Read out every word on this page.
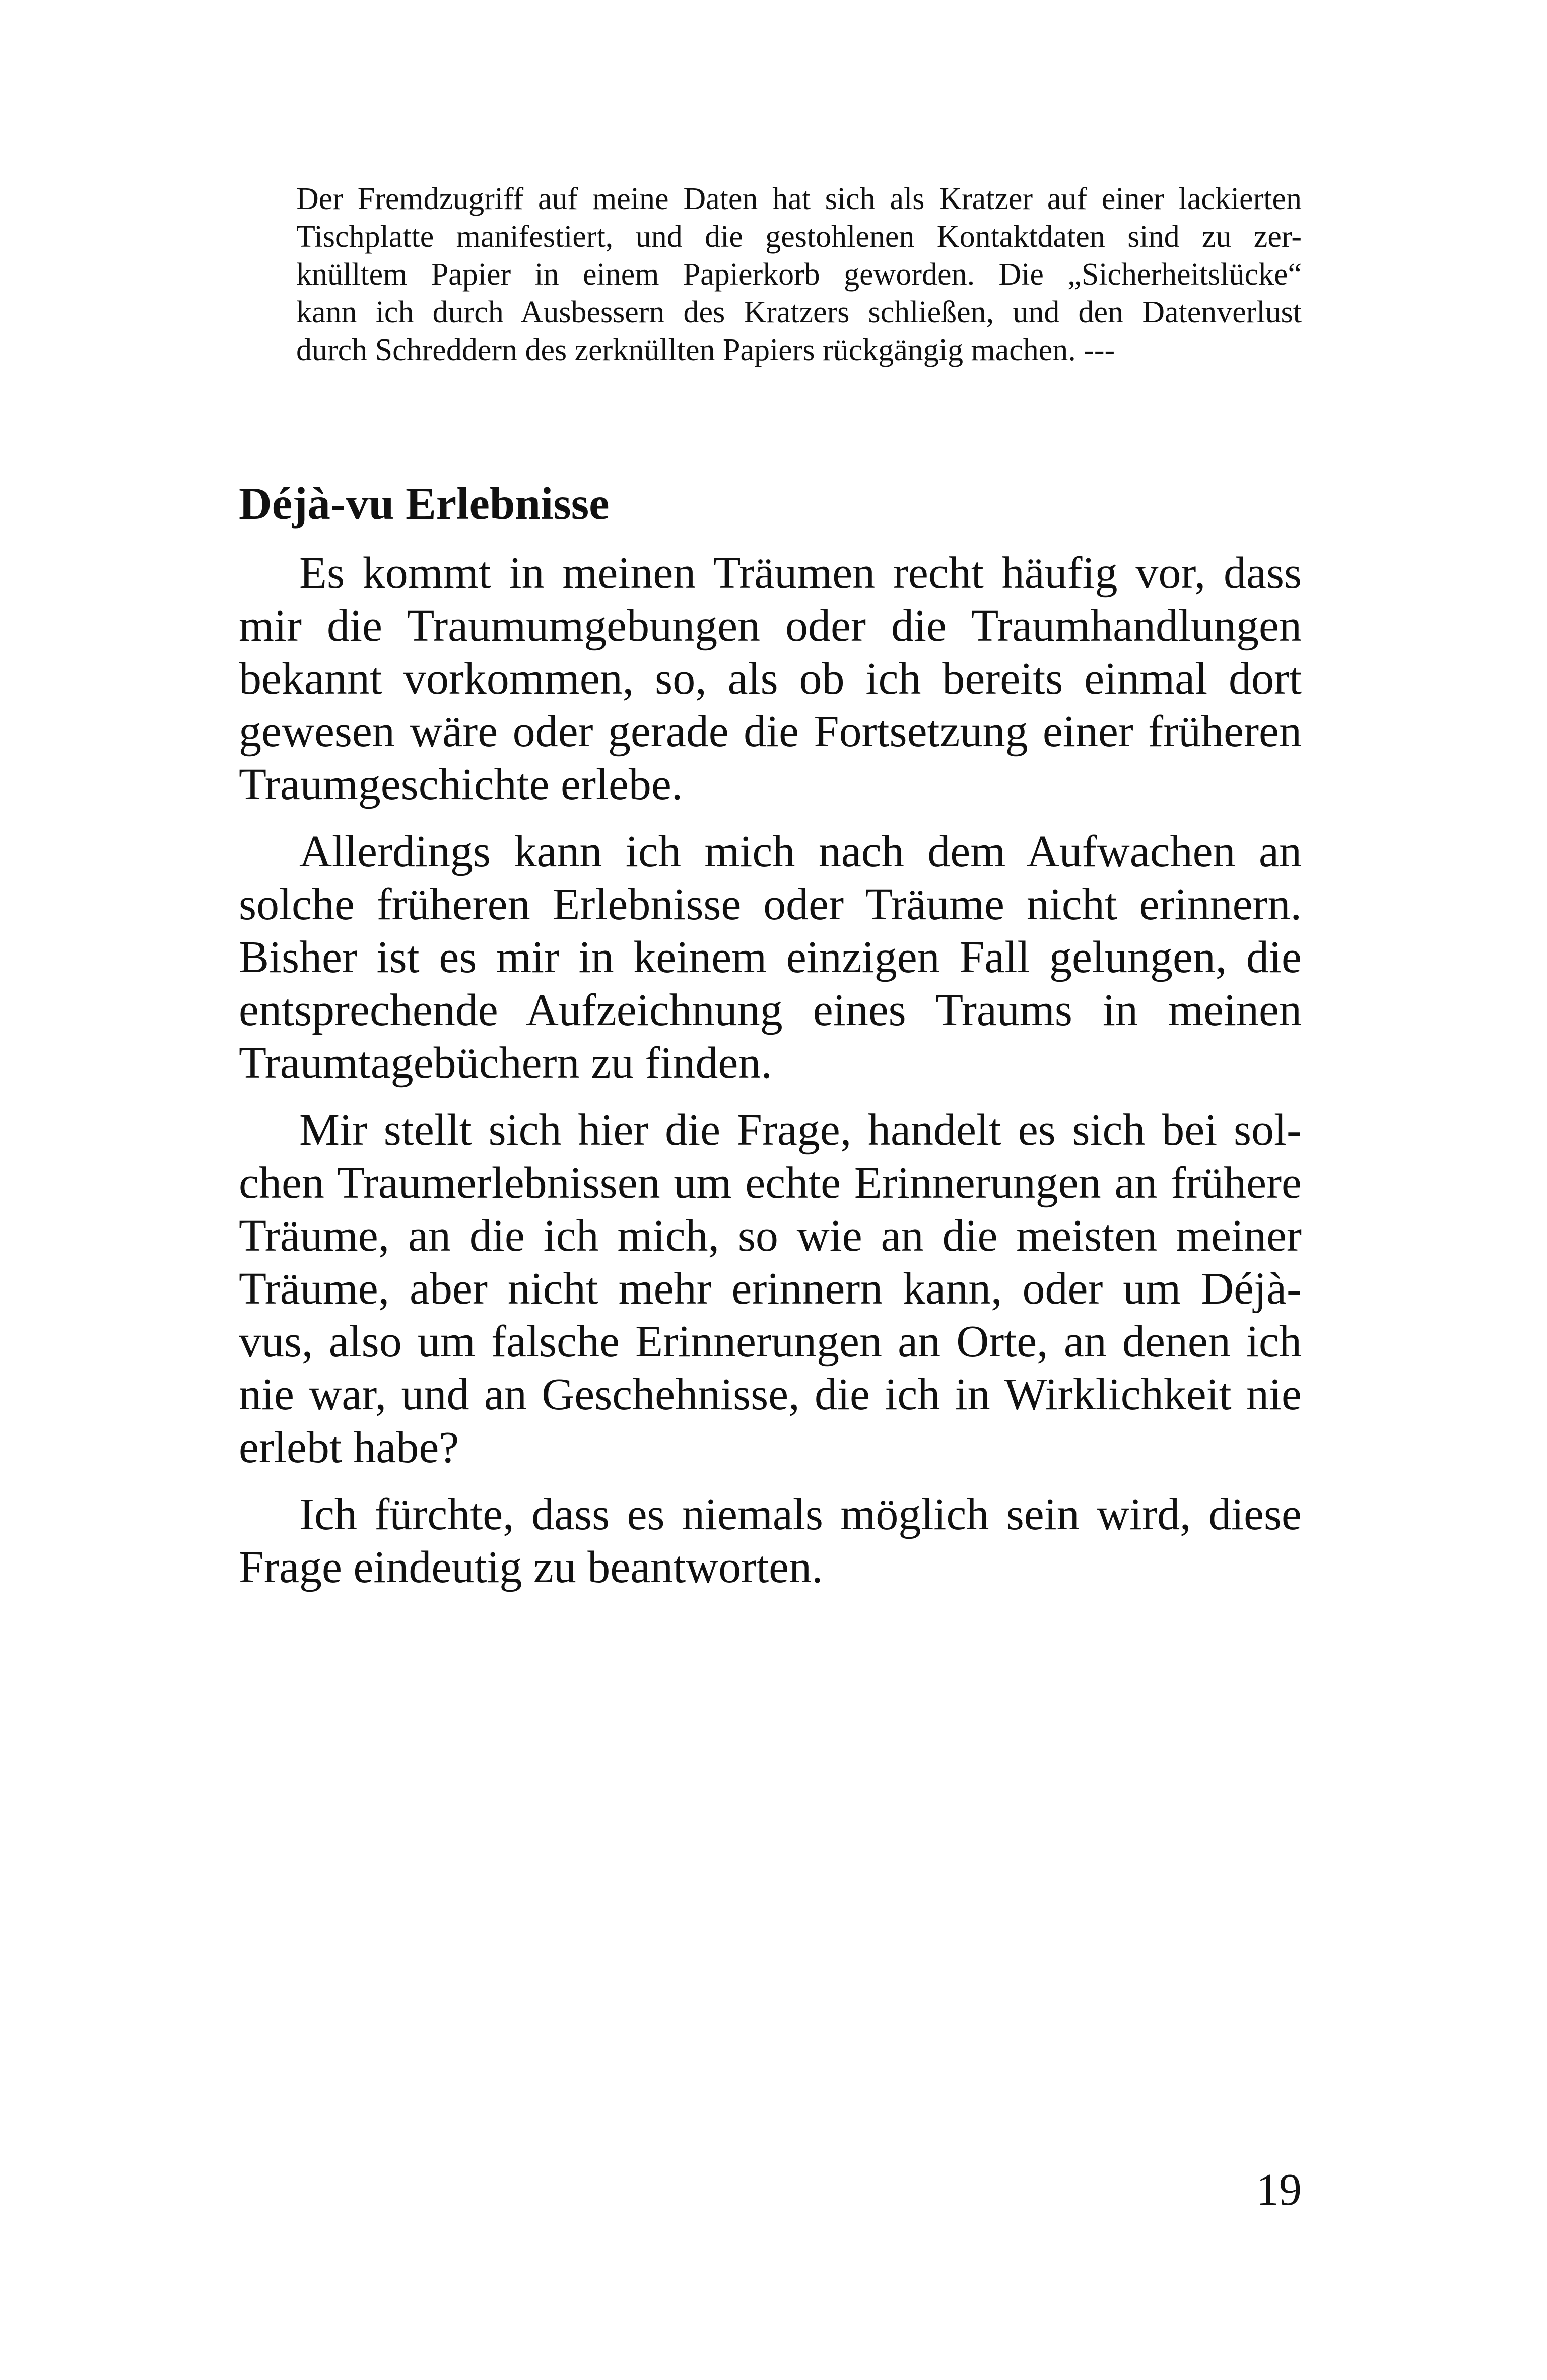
Der Fremdzugriff auf meine Daten hat sich als Kratzer auf einer lackierten
Tischplatte manifestiert, und die gestohlenen Kontaktdaten sind zu zer-
knülltem Papier in einem Papierkorb geworden. Die „Sicherheitslücke“
kann ich durch Ausbessern des Kratzers schließen, und den Datenverlust
durch Schreddern des zerknüllten Papiers rückgängig machen. ---
Déjà-vu Erlebnisse
Es kommt in meinen Träumen recht häufig vor, dass
mir die Traumumgebungen oder die Traumhandlungen
bekannt vorkommen, so, als ob ich bereits einmal dort
gewesen wäre oder gerade die Fortsetzung einer früheren
Traumgeschichte erlebe.
Allerdings kann ich mich nach dem Aufwachen an
solche früheren Erlebnisse oder Träume nicht erinnern.
Bisher ist es mir in keinem einzigen Fall gelungen, die
entsprechende Aufzeichnung eines Traums in meinen
Traumtagebüchern zu finden.
Mir stellt sich hier die Frage, handelt es sich bei sol-
chen Traumerlebnissen um echte Erinnerungen an frühere
Träume, an die ich mich, so wie an die meisten meiner
Träume, aber nicht mehr erinnern kann, oder um Déjà-
vus, also um falsche Erinnerungen an Orte, an denen ich
nie war, und an Geschehnisse, die ich in Wirklichkeit nie
erlebt habe?
Ich fürchte, dass es niemals möglich sein wird, diese
Frage eindeutig zu beantworten.
19
